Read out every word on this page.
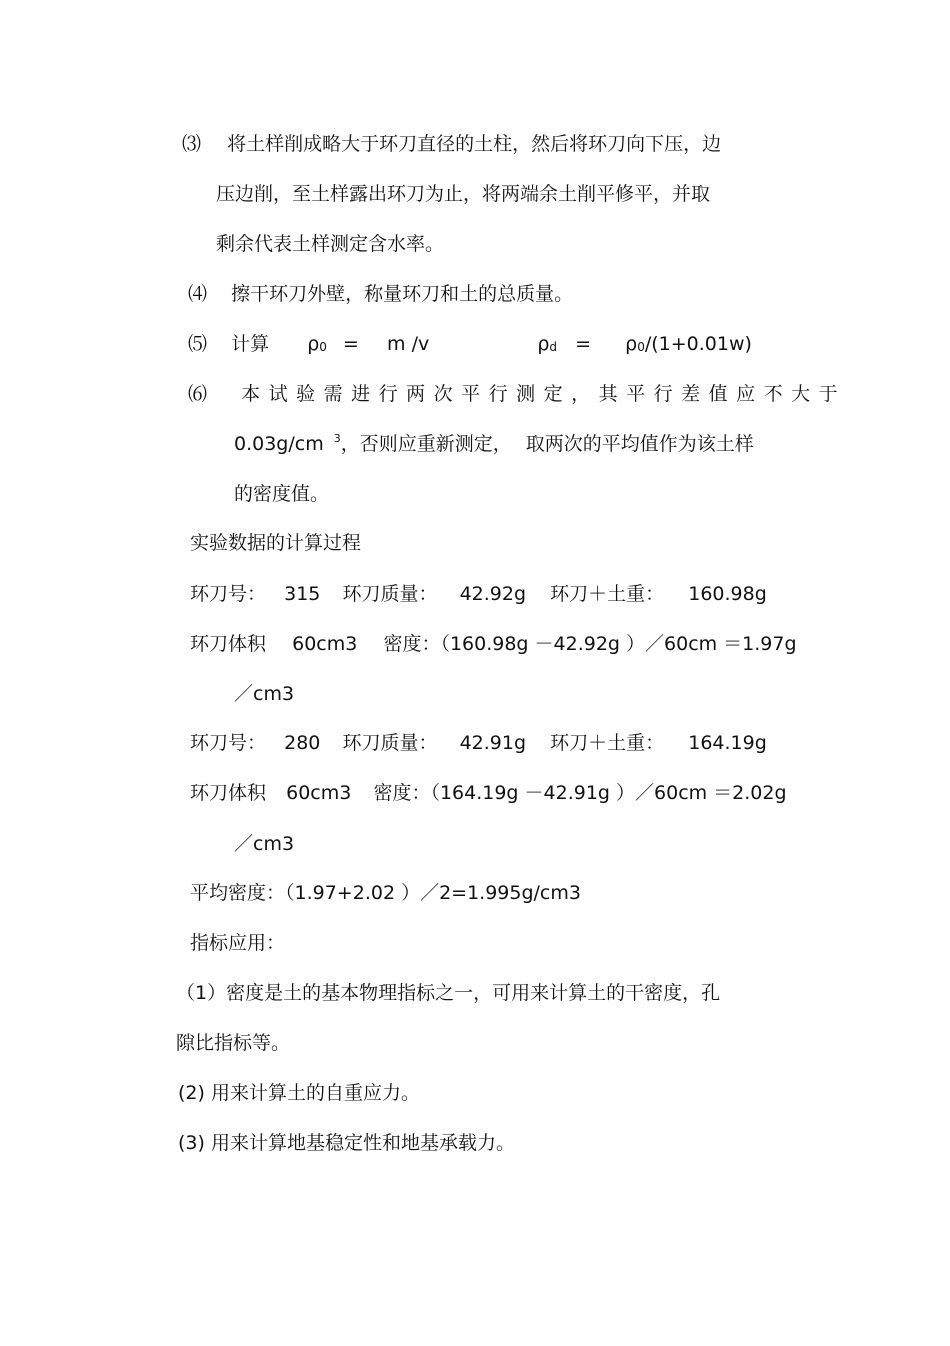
⑶ 将土样削成略大于环刀直径的土柱，然后将环刀向下压，边
压边削，至土样露出环刀为止，将两端余土削平修平，并取
剩余代表土样测定含水率。
⑷ 擦干环刀外壁，称量环刀和土的总质量。
⑸ 计算 ρ0 = m /v	ρd = ρ0/(1+0.01w)
⑹ 本试验需进行两次平行测定，其平行差值应不大于
0.03g/cm $^3$，否则应重新测定， 取两次的平均值作为该土样
的密度值。
实验数据的计算过程
环刀号： 315 环刀质量： 42.92g 环刀＋土重： 160.98g
环刀体积 60cm3 密度：（160.98g －42.92g ）／60cm ＝1.97g
／cm3
环刀号： 280 环刀质量： 42.91g 环刀＋土重： 164.19g
环刀体积 60cm3 密度：（164.19g －42.91g ）／60cm ＝2.02g
／cm3
平均密度：（1.97+2.02 ）／2=1.995g/cm3
指标应用：
（1）密度是土的基本物理指标之一，可用来计算土的干密度，孔
隙比指标等。
(2) 用来计算土的自重应力。
(3) 用来计算地基稳定性和地基承载力。
